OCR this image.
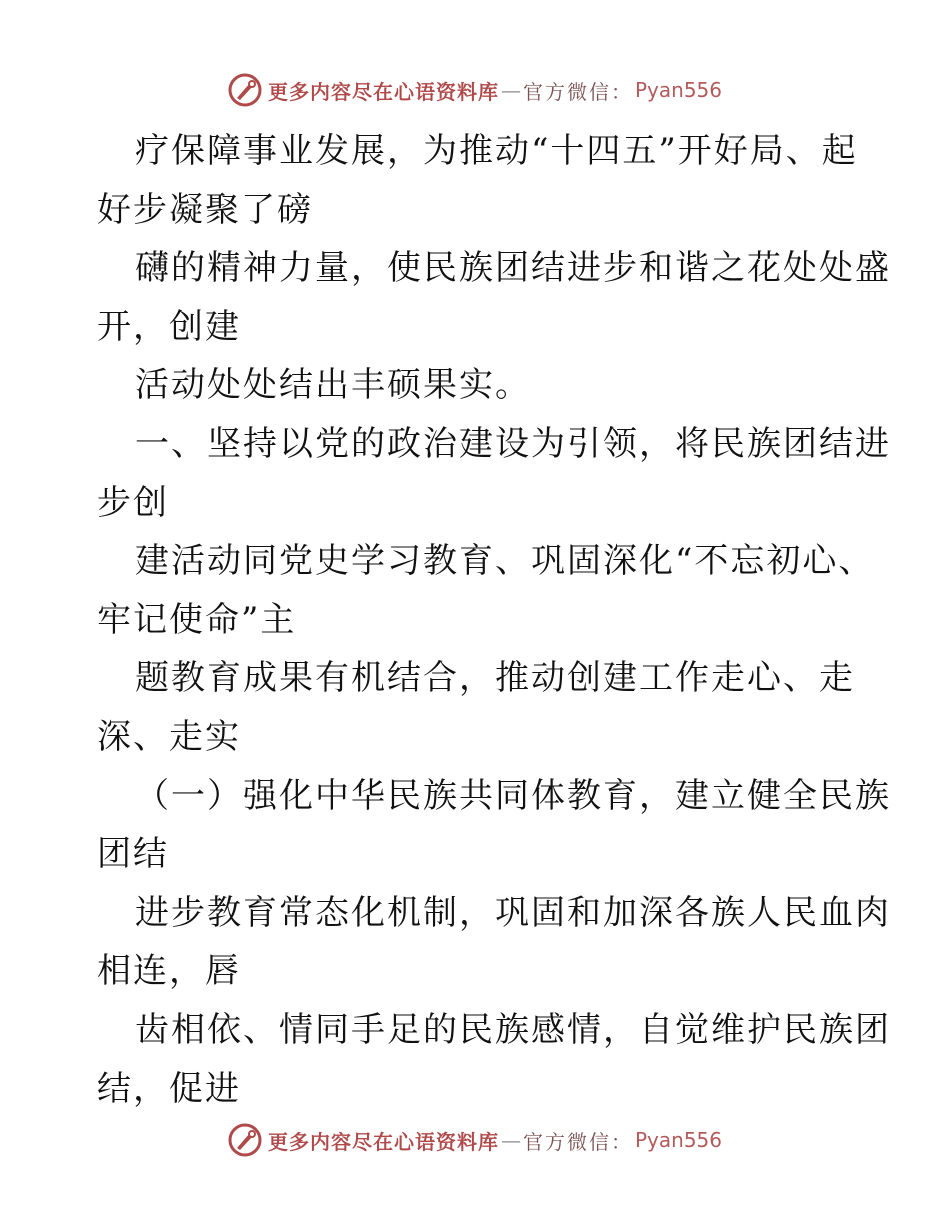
更多内容尽在心语资料库 — 官方微信： Pyan556
疗保障事业发展，为推动“十四五”开好局、起
好步凝聚了磅
礴的精神力量，使民族团结进步和谐之花处处盛
开，创建
活动处处结出丰硕果实。
一、坚持以党的政治建设为引领，将民族团结进
步创
建活动同党史学习教育、巩固深化“不忘初心、
牢记使命”主
题教育成果有机结合，推动创建工作走心、走
深、走实
（一）强化中华民族共同体教育，建立健全民族
团结
进步教育常态化机制，巩固和加深各族人民血肉
相连，唇
齿相依、情同手足的民族感情，自觉维护民族团
结，促进
更多内容尽在心语资料库 — 官方微信： Pyan556
